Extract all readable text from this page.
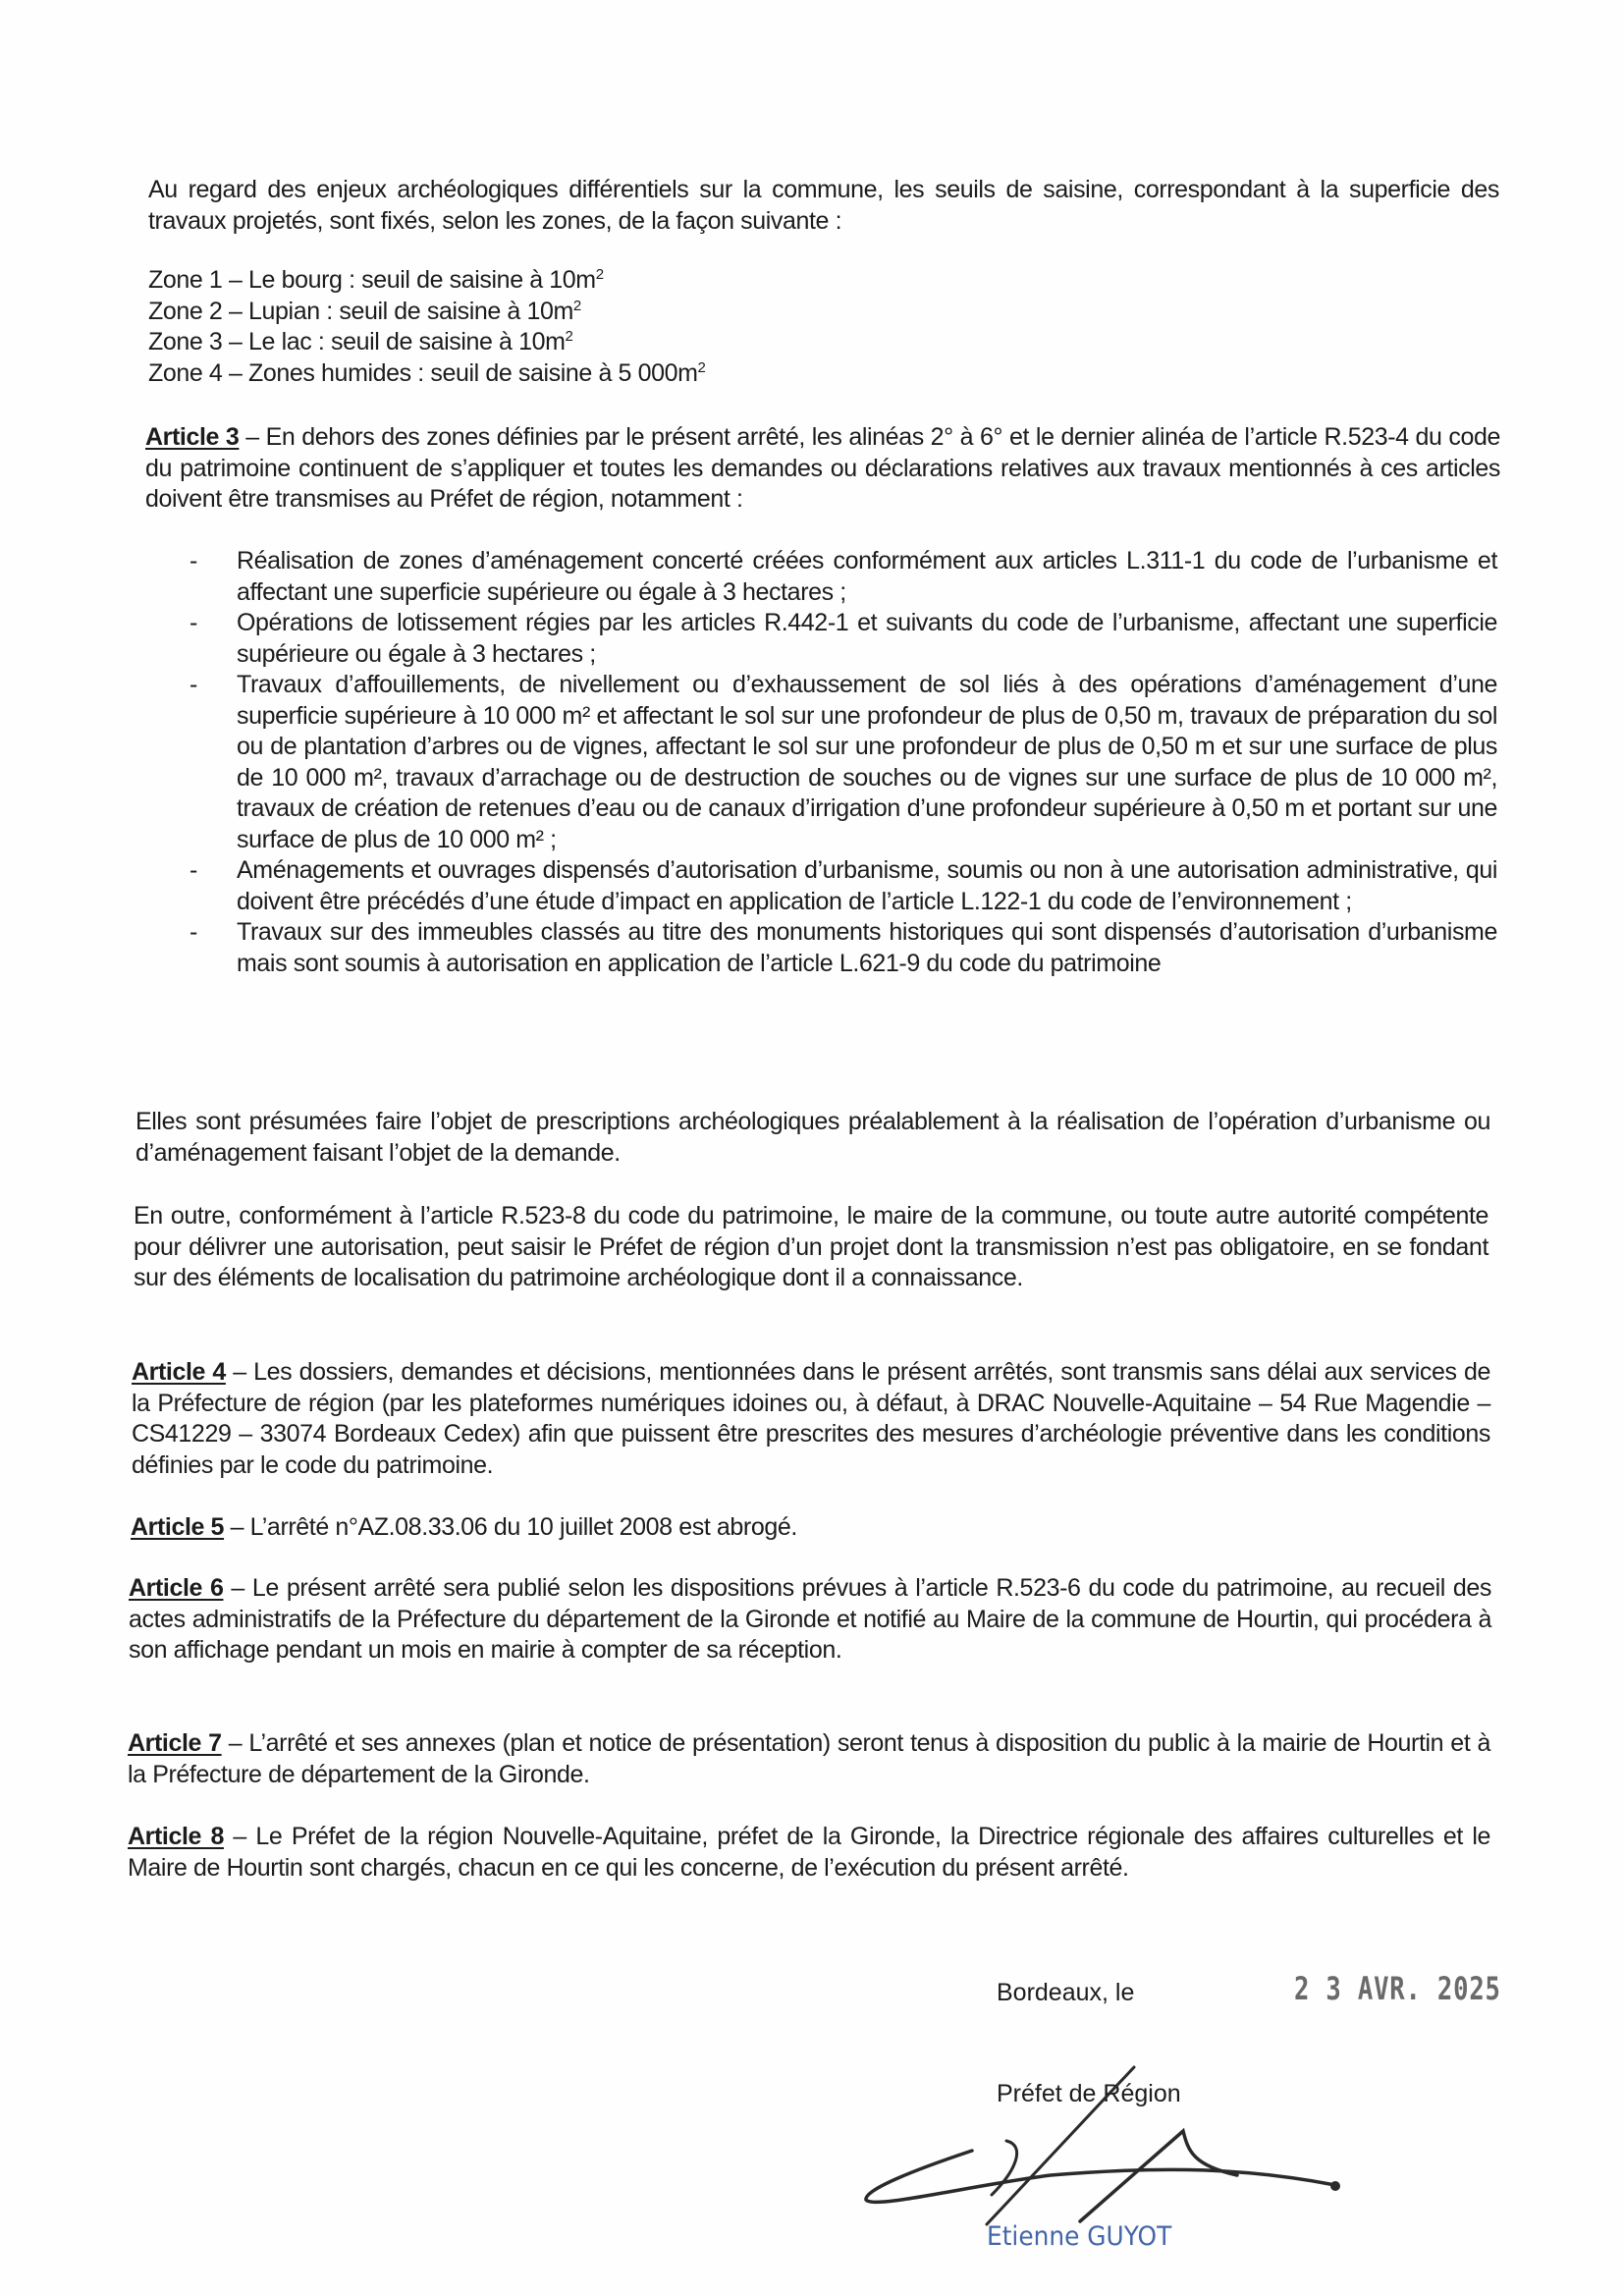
Au regard des enjeux archéologiques différentiels sur la commune, les seuils de saisine, correspondant à la superficie des travaux projetés, sont fixés, selon les zones, de la façon suivante :
Zone 1 – Le bourg : seuil de saisine à $10m^2$
Zone 2 – Lupian : seuil de saisine à $10m^2$
Zone 3 – Le lac : seuil de saisine à $10m^2$
Zone 4 – Zones humides : seuil de saisine à 5 $000m^2$
Article 3 – En dehors des zones définies par le présent arrêté, les alinéas 2° à 6° et le dernier alinéa de l’article R.523-4 du code du patrimoine continuent de s’appliquer et toutes les demandes ou déclarations relatives aux travaux mentionnés à ces articles doivent être transmises au Préfet de région, notamment :
- Réalisation de zones d’aménagement concerté créées conformément aux articles L.311-1 du code de l’urbanisme et affectant une superficie supérieure ou égale à 3 hectares ;
- Opérations de lotissement régies par les articles R.442-1 et suivants du code de l’urbanisme, affectant une superficie supérieure ou égale à 3 hectares ;
- Travaux d’affouillements, de nivellement ou d’exhaussement de sol liés à des opérations d’aménagement d’une superficie supérieure à 10 000 m² et affectant le sol sur une profondeur de plus de 0,50 m, travaux de préparation du sol ou de plantation d’arbres ou de vignes, affectant le sol sur une profondeur de plus de 0,50 m et sur une surface de plus de 10 000 m², travaux d’arrachage ou de destruction de souches ou de vignes sur une surface de plus de 10 000 m², travaux de création de retenues d’eau ou de canaux d’irrigation d’une profondeur supérieure à 0,50 m et portant sur une surface de plus de 10 000 m² ;
- Aménagements et ouvrages dispensés d’autorisation d’urbanisme, soumis ou non à une autorisation administrative, qui doivent être précédés d’une étude d’impact en application de l’article L.122-1 du code de l’environnement ;
- Travaux sur des immeubles classés au titre des monuments historiques qui sont dispensés d’autorisation d’urbanisme mais sont soumis à autorisation en application de l’article L.621-9 du code du patrimoine
Elles sont présumées faire l’objet de prescriptions archéologiques préalablement à la réalisation de l’opération d’urbanisme ou d’aménagement faisant l’objet de la demande.
En outre, conformément à l’article R.523-8 du code du patrimoine, le maire de la commune, ou toute autre autorité compétente pour délivrer une autorisation, peut saisir le Préfet de région d’un projet dont la transmission n’est pas obligatoire, en se fondant sur des éléments de localisation du patrimoine archéologique dont il a connaissance.
Article 4 – Les dossiers, demandes et décisions, mentionnées dans le présent arrêtés, sont transmis sans délai aux services de la Préfecture de région (par les plateformes numériques idoines ou, à défaut, à DRAC Nouvelle-Aquitaine – 54 Rue Magendie – CS41229 – 33074 Bordeaux Cedex) afin que puissent être prescrites des mesures d’archéologie préventive dans les conditions définies par le code du patrimoine.
Article 5 – L’arrêté n°AZ.08.33.06 du 10 juillet 2008 est abrogé.
Article 6 – Le présent arrêté sera publié selon les dispositions prévues à l’article R.523-6 du code du patrimoine, au recueil des actes administratifs de la Préfecture du département de la Gironde et notifié au Maire de la commune de Hourtin, qui procédera à son affichage pendant un mois en mairie à compter de sa réception.
Article 7 – L’arrêté et ses annexes (plan et notice de présentation) seront tenus à disposition du public à la mairie de Hourtin et à la Préfecture de département de la Gironde.
Article 8 – Le Préfet de la région Nouvelle-Aquitaine, préfet de la Gironde, la Directrice régionale des affaires culturelles et le Maire de Hourtin sont chargés, chacun en ce qui les concerne, de l’exécution du présent arrêté.
Bordeaux, le	2 3 AVR. 2025
Préfet de Région
Etienne GUYOT
